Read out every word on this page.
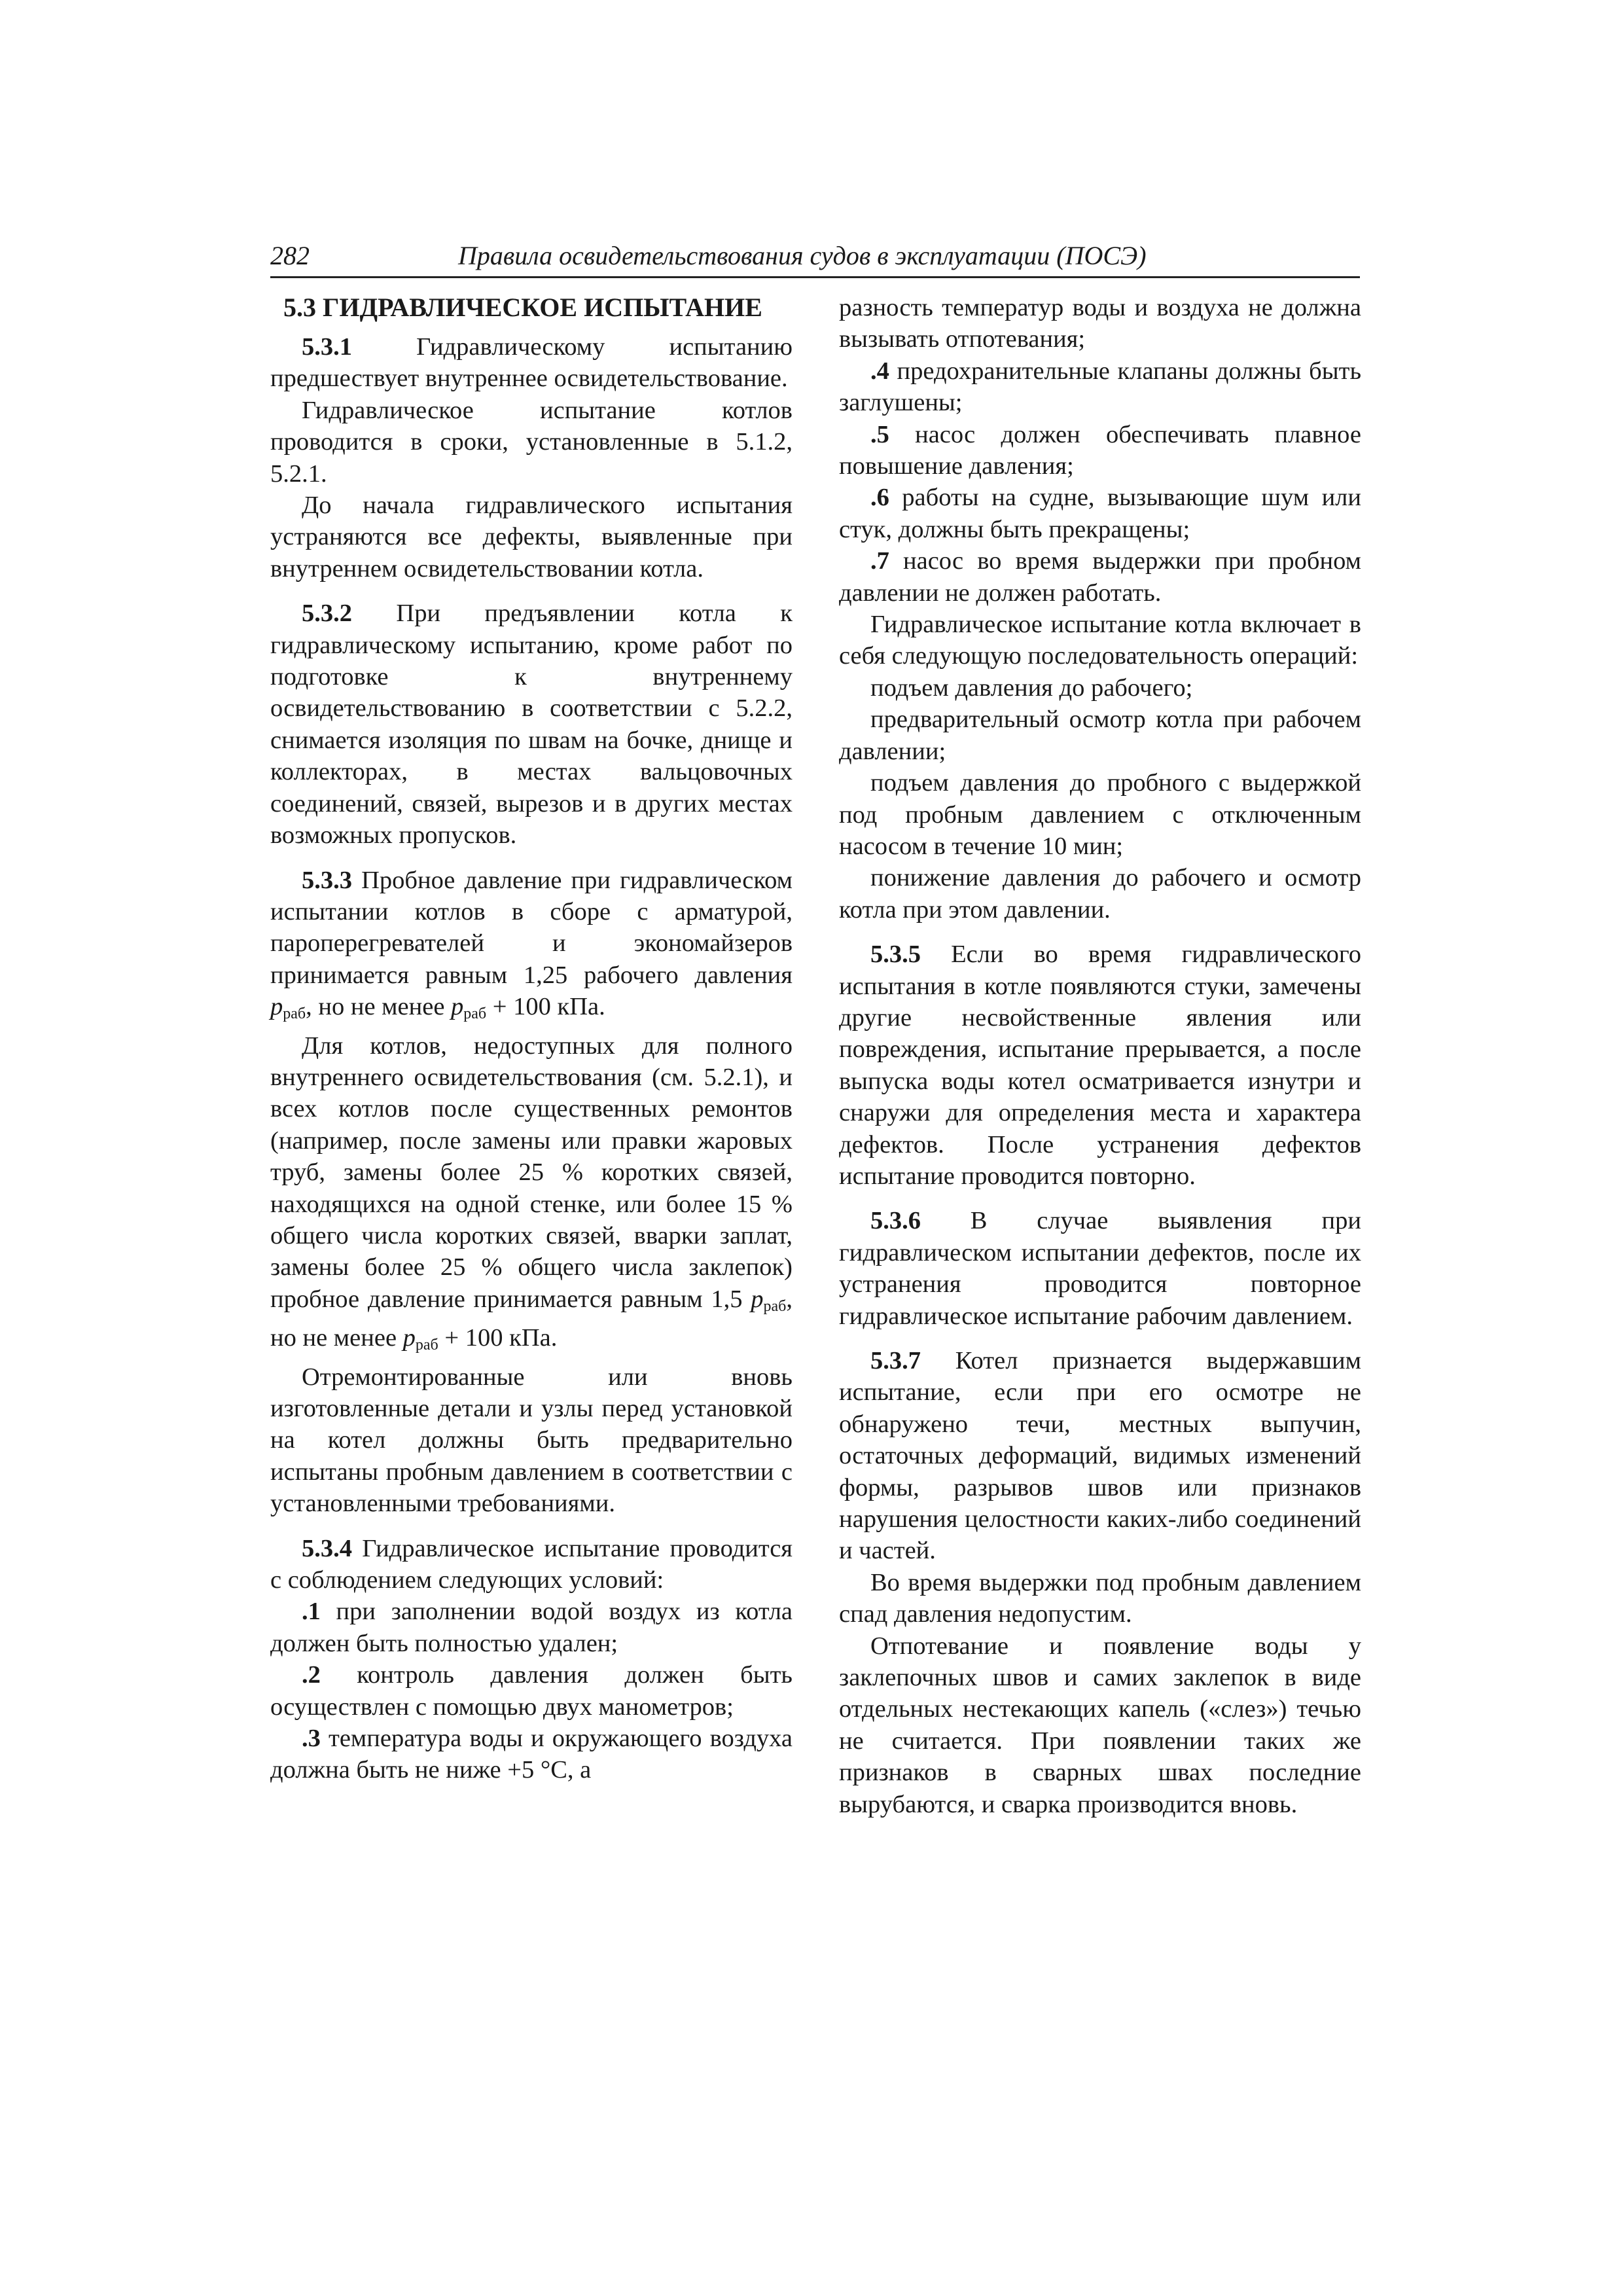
282	Правила освидетельствования судов в эксплуатации (ПОСЭ)
5.3 ГИДРАВЛИЧЕСКОЕ ИСПЫТАНИЕ

5.3.1 Гидравлическому испытанию предшествует внутреннее освидетельствование.

Гидравлическое испытание котлов проводится в сроки, установленные в 5.1.2, 5.2.1.

До начала гидравлического испытания устраняются все дефекты, выявленные при внутреннем освидетельствовании котла.

5.3.2 При предъявлении котла к гидравлическому испытанию, кроме работ по подготовке к внутреннему освидетельствованию в соответствии с 5.2.2, снимается изоляция по швам на бочке, днище и коллекторах, в местах вальцовочных соединений, связей, вырезов и в других местах возможных пропусков.

5.3.3 Пробное давление при гидравлическом испытании котлов в сборе с арматурой, пароперегревателей и экономайзеров принимается равным 1,25 рабочего давления $p_{раб}$, но не менее $p_{раб} + 100$ кПа.

Для котлов, недоступных для полного внутреннего освидетельствования (см. 5.2.1), и всех котлов после существенных ремонтов (например, после замены или правки жаровых труб, замены более 25 % коротких связей, находящихся на одной стенке, или более 15 % общего числа коротких связей, вварки заплат, замены более 25 % общего числа заклепок) пробное давление принимается равным 1,5 $p_{раб}$, но не менее $p_{раб} + 100$ кПа.

Отремонтированные или вновь изготовленные детали и узлы перед установкой на котел должны быть предварительно испытаны пробным давлением в соответствии с установленными требованиями.

5.3.4 Гидравлическое испытание проводится с соблюдением следующих условий:

.1 при заполнении водой воздух из котла должен быть полностью удален;

.2 контроль давления должен быть осуществлен с помощью двух манометров;

.3 температура воды и окружающего воздуха должна быть не ниже +5 °С, а

разность температур воды и воздуха не должна вызывать отпотевания;

.4 предохранительные клапаны должны быть заглушены;

.5 насос должен обеспечивать плавное повышение давления;

.6 работы на судне, вызывающие шум или стук, должны быть прекращены;

.7 насос во время выдержки при пробном давлении не должен работать.

Гидравлическое испытание котла включает в себя следующую последовательность операций:

подъем давления до рабочего;

предварительный осмотр котла при рабочем давлении;

подъем давления до пробного с выдержкой под пробным давлением с отключенным насосом в течение 10 мин;

понижение давления до рабочего и осмотр котла при этом давлении.

5.3.5 Если во время гидравлического испытания в котле появляются стуки, замечены другие несвойственные явления или повреждения, испытание прерывается, а после выпуска воды котел осматривается изнутри и снаружи для определения места и характера дефектов. После устранения дефектов испытание проводится повторно.

5.3.6 В случае выявления при гидравлическом испытании дефектов, после их устранения проводится повторное гидравлическое испытание рабочим давлением.

5.3.7 Котел признается выдержавшим испытание, если при его осмотре не обнаружено течи, местных выпучин, остаточных деформаций, видимых изменений формы, разрывов швов или признаков нарушения целостности каких-либо соединений и частей.

Во время выдержки под пробным давлением спад давления недопустим.

Отпотевание и появление воды у заклепочных швов и самих заклепок в виде отдельных нестекающих капель («слез») течью не считается. При появлении таких же признаков в сварных швах последние вырубаются, и сварка производится вновь.
